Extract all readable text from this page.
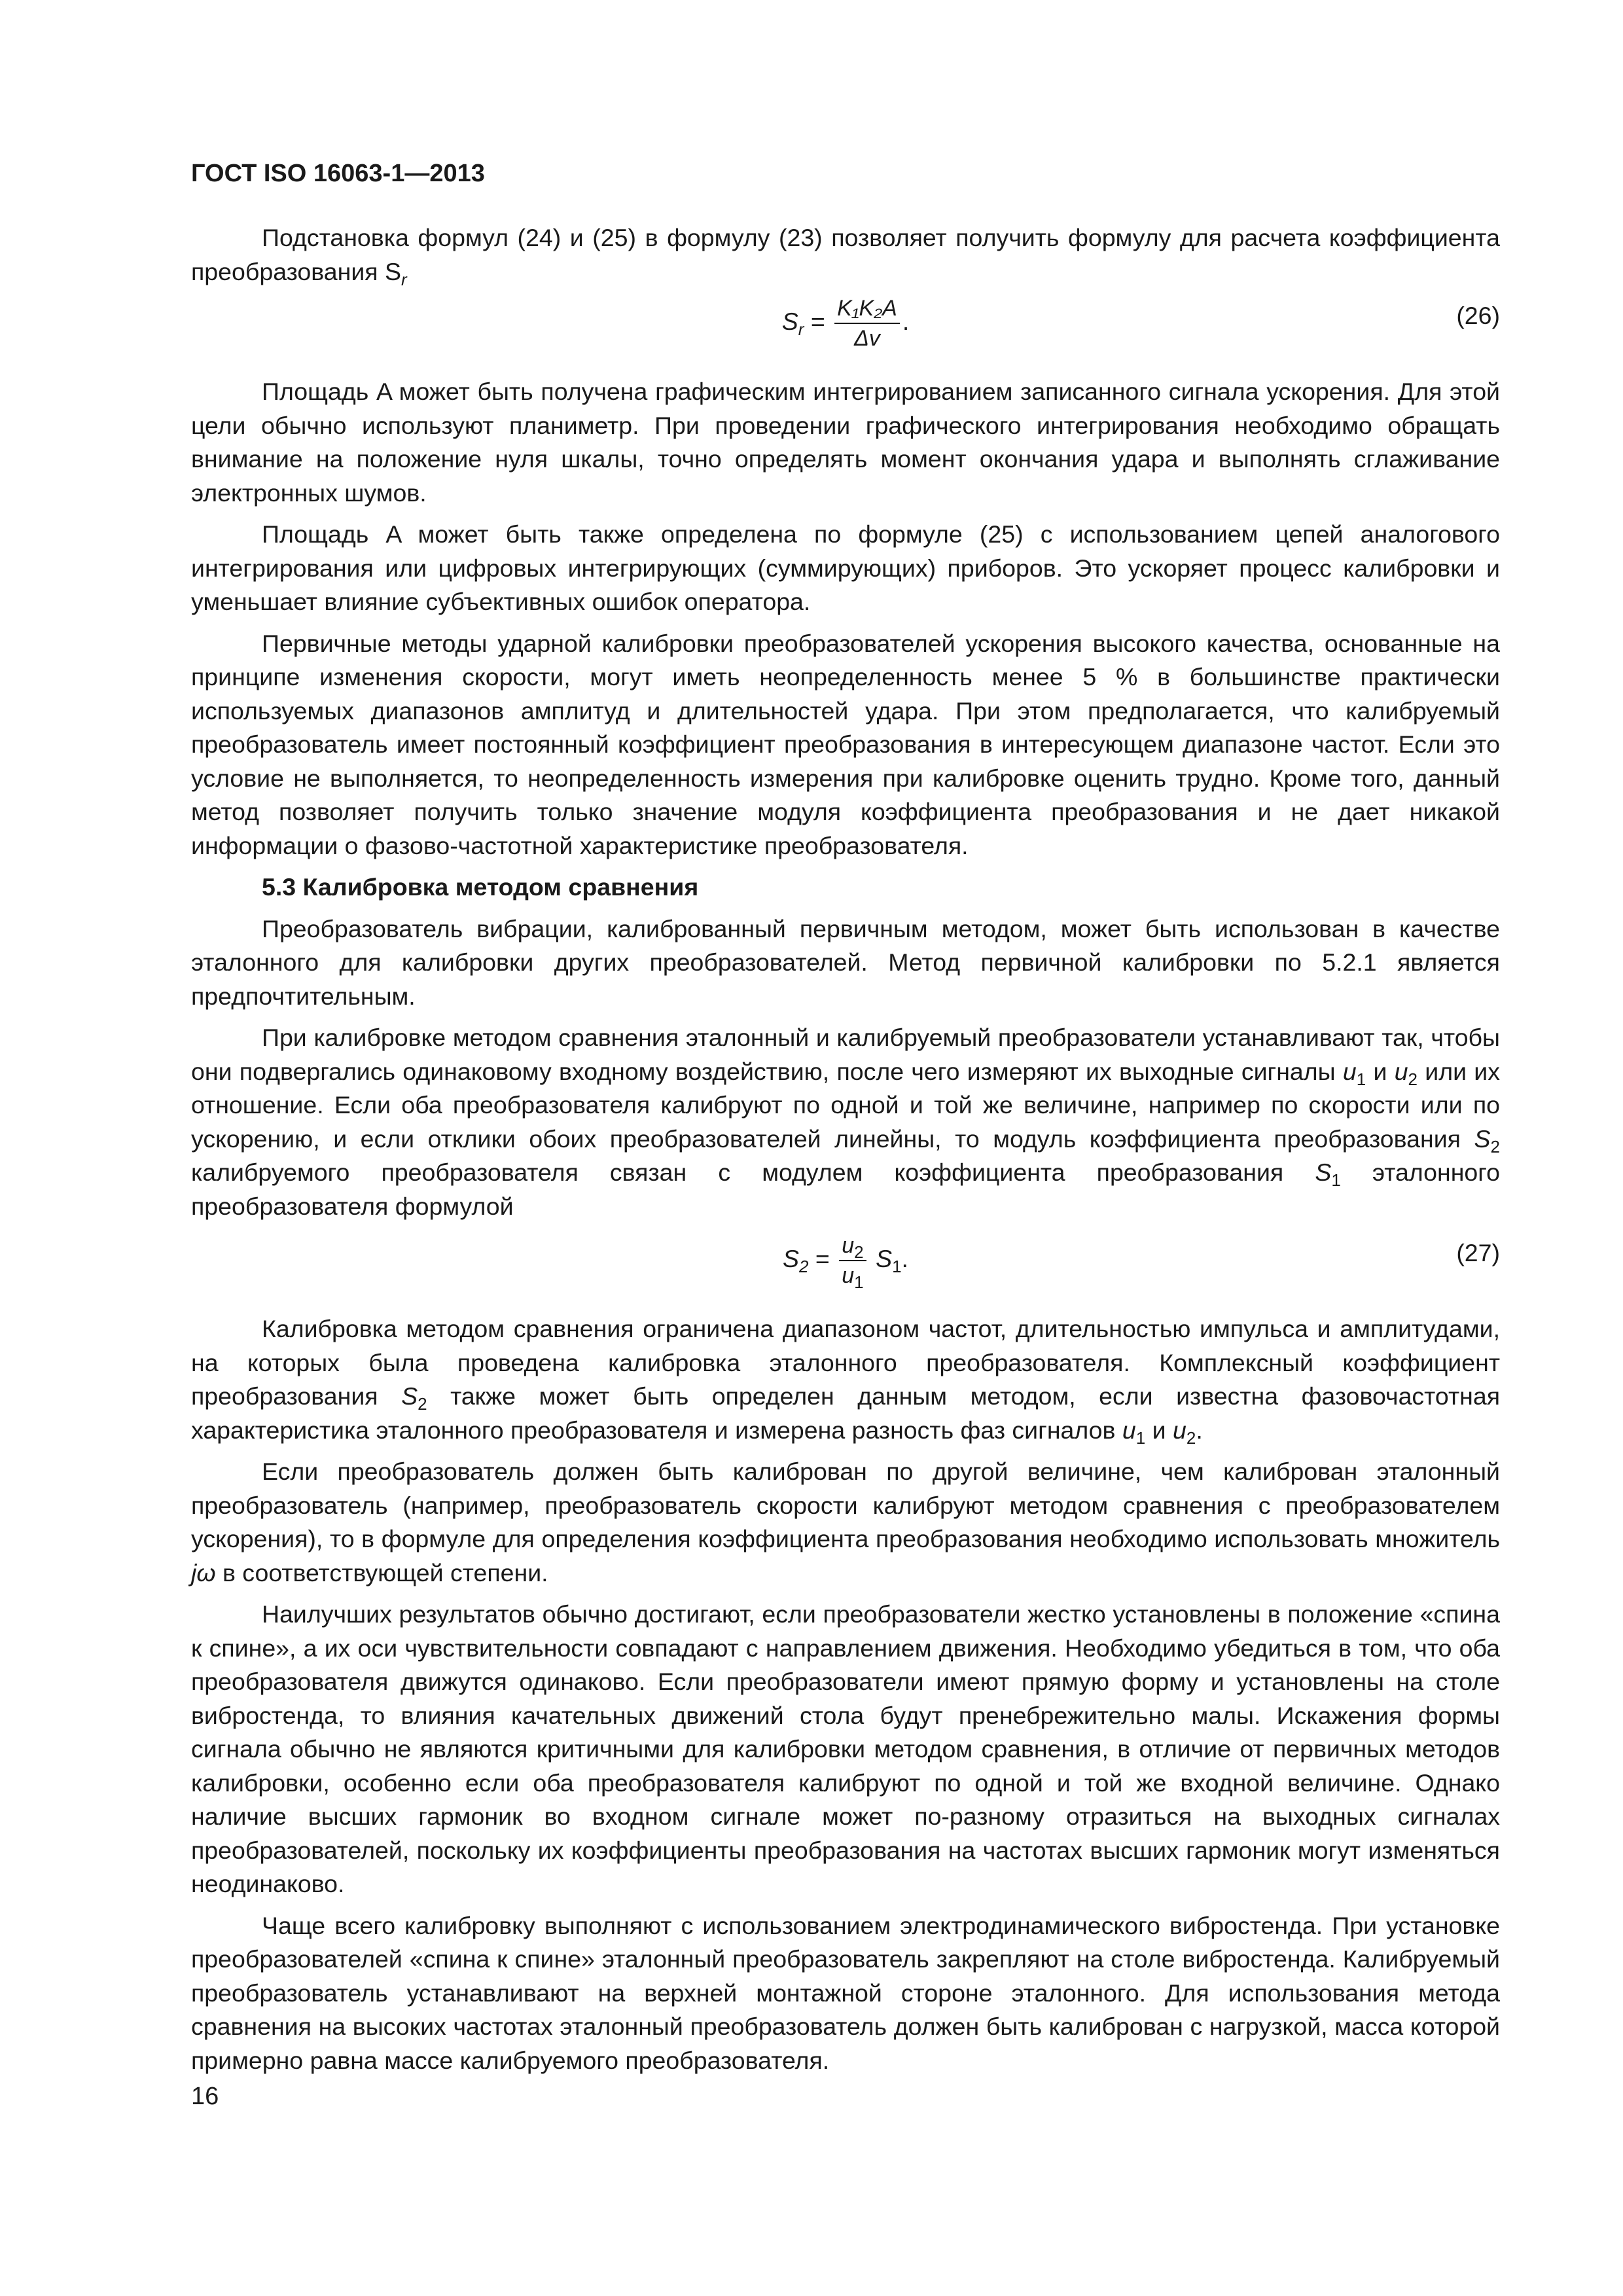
ГОСТ ISO 16063-1—2013

Подстановка формул (24) и (25) в формулу (23) позволяет получить формулу для расчета коэффициента преобразования $S_r$

$S_r = \frac{\text{K₁K₂A}}{\Delta v}$ .	(26)

Площадь A может быть получена графическим интегрированием записанного сигнала ускорения. Для этой цели обычно используют планиметр. При проведении графического интегрирования необходимо обращать внимание на положение нуля шкалы, точно определять момент окончания удара и выполнять сглаживание электронных шумов.

Площадь A может быть также определена по формуле (25) с использованием цепей аналогового интегрирования или цифровых интегрирующих (суммирующих) приборов. Это ускоряет процесс калибровки и уменьшает влияние субъективных ошибок оператора.

Первичные методы ударной калибровки преобразователей ускорения высокого качества, основанные на принципе изменения скорости, могут иметь неопределенность менее 5 % в большинстве практически используемых диапазонов амплитуд и длительностей удара. При этом предполагается, что калибруемый преобразователь имеет постоянный коэффициент преобразования в интересующем диапазоне частот. Если это условие не выполняется, то неопределенность измерения при калибровке оценить трудно. Кроме того, данный метод позволяет получить только значение модуля коэффициента преобразования и не дает никакой информации о фазово-частотной характеристике преобразователя.

5.3 Калибровка методом сравнения

Преобразователь вибрации, калиброванный первичным методом, может быть использован в качестве эталонного для калибровки других преобразователей. Метод первичной калибровки по 5.2.1 является предпочтительным.

При калибровке методом сравнения эталонный и калибруемый преобразователи устанавливают так, чтобы они подвергались одинаковому входному воздействию, после чего измеряют их выходные сигналы $u_1$ и $u_2$ или их отношение. Если оба преобразователя калибруют по одной и той же величине, например по скорости или по ускорению, и если отклики обоих преобразователей линейны, то модуль коэффициента преобразования $S_2$ калибруемого преобразователя связан с модулем коэффициента преобразования $S_1$ эталонного преобразователя формулой

$S_2 = \frac{u_2}{u_1} S_1$.	(27)

Калибровка методом сравнения ограничена диапазоном частот, длительностью импульса и амплитудами, на которых была проведена калибровка эталонного преобразователя. Комплексный коэффициент преобразования $S_2$ также может быть определен данным методом, если известна фазовочастотная характеристика эталонного преобразователя и измерена разность фаз сигналов $u_1$ и $u_2$.

Если преобразователь должен быть калиброван по другой величине, чем калиброван эталонный преобразователь (например, преобразователь скорости калибруют методом сравнения с преобразователем ускорения), то в формуле для определения коэффициента преобразования необходимо использовать множитель jω в соответствующей степени.

Наилучших результатов обычно достигают, если преобразователи жестко установлены в положение «спина к спине», а их оси чувствительности совпадают с направлением движения. Необходимо убедиться в том, что оба преобразователя движутся одинаково. Если преобразователи имеют прямую форму и установлены на столе вибростенда, то влияния качательных движений стола будут пренебрежительно малы. Искажения формы сигнала обычно не являются критичными для калибровки методом сравнения, в отличие от первичных методов калибровки, особенно если оба преобразователя калибруют по одной и той же входной величине. Однако наличие высших гармоник во входном сигнале может по-разному отразиться на выходных сигналах преобразователей, поскольку их коэффициенты преобразования на частотах высших гармоник могут изменяться неодинаково.

Чаще всего калибровку выполняют с использованием электродинамического вибростенда. При установке преобразователей «спина к спине» эталонный преобразователь закрепляют на столе вибростенда. Калибруемый преобразователь устанавливают на верхней монтажной стороне эталонного. Для использования метода сравнения на высоких частотах эталонный преобразователь должен быть калиброван с нагрузкой, масса которой примерно равна массе калибруемого преобразователя.

16
